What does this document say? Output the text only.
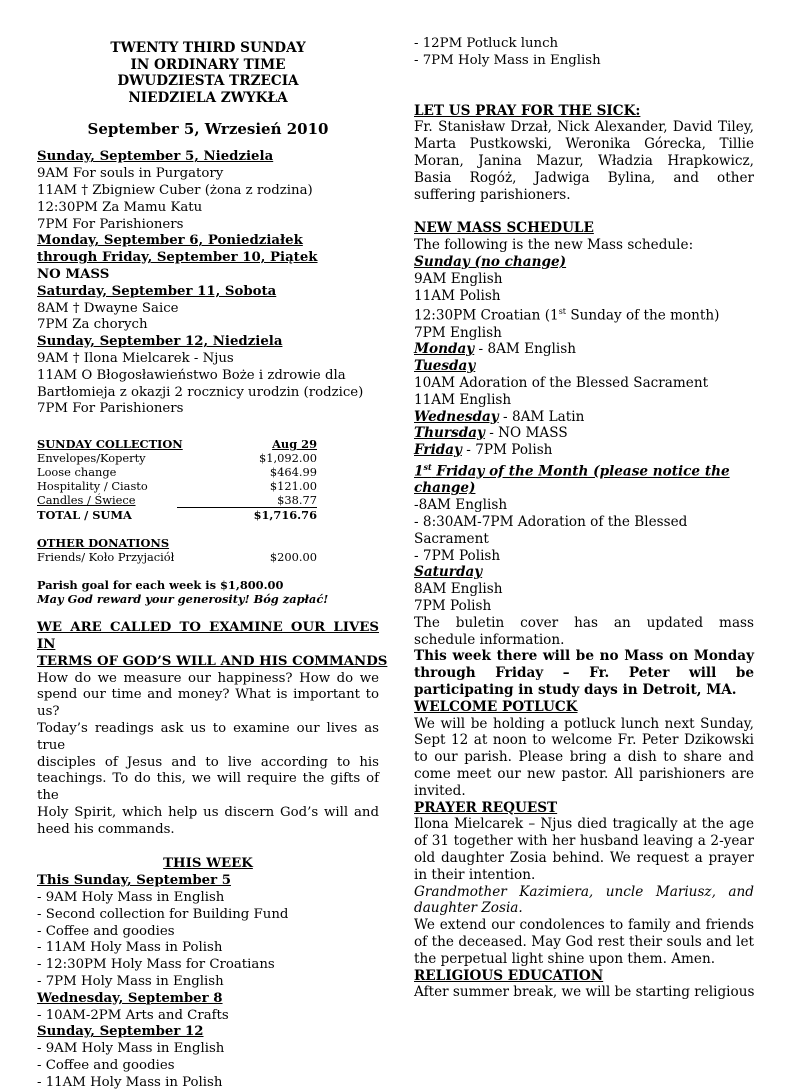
TWENTY THIRD SUNDAY
IN ORDINARY TIME
DWUDZIESTA TRZECIA
NIEDZIELA ZWYKŁA
September 5, Wrzesień 2010
Sunday, September 5, Niedziela
9AM For souls in Purgatory
11AM † Zbigniew Cuber (żona z rodzina)
12:30PM Za Mamu Katu
7PM For Parishioners
Monday, September 6, Poniedziałek
through Friday, September 10, Piątek
NO MASS
Saturday, September 11, Sobota
8AM † Dwayne Saice
7PM Za chorych
Sunday, September 12, Niedziela
9AM † Ilona Mielcarek - Njus
11AM O Błogosławieństwo Boże i zdrowie dla
Bartłomieja z okazji 2 rocznicy urodzin (rodzice)
7PM For Parishioners
SUNDAY COLLECTION	Aug 29
Envelopes/Koperty	$1,092.00
Loose change	$464.99
Hospitality / Ciasto	$121.00
Candles / Świece	$38.77
TOTAL / SUMA	$1,716.76
OTHER DONATIONS
Friends/ Koło Przyjaciół	$200.00
Parish goal for each week is $1,800.00
May God reward your generosity! Bóg zapłać!
WE ARE CALLED TO EXAMINE OUR LIVES IN
TERMS OF GOD’S WILL AND HIS COMMANDS
How do we measure our happiness? How do we
spend our time and money? What is important to us?
Today’s readings ask us to examine our lives as true
disciples of Jesus and to live according to his
teachings. To do this, we will require the gifts of the
Holy Spirit, which help us discern God’s will and
heed his commands.
THIS WEEK
This Sunday, September 5
- 9AM Holy Mass in English
- Second collection for Building Fund
- Coffee and goodies
- 11AM Holy Mass in Polish
- 12:30PM Holy Mass for Croatians
- 7PM Holy Mass in English
Wednesday, September 8
- 10AM-2PM Arts and Crafts
Sunday, September 12
- 9AM Holy Mass in English
- Coffee and goodies
- 11AM Holy Mass in Polish
- 12PM Potluck lunch
- 7PM Holy Mass in English
LET US PRAY FOR THE SICK:
Fr. Stanisław Drzał, Nick Alexander, David Tiley,
Marta Pustkowski, Weronika Górecka, Tillie
Moran, Janina Mazur, Władzia Hrapkowicz,
Basia Rogóż, Jadwiga Bylina, and other
suffering parishioners.
NEW MASS SCHEDULE
The following is the new Mass schedule:
Sunday (no change)
9AM English
11AM Polish
12:30PM Croatian (1st Sunday of the month)
7PM English
Monday - 8AM English
Tuesday
10AM Adoration of the Blessed Sacrament
11AM English
Wednesday - 8AM Latin
Thursday - NO MASS
Friday - 7PM Polish
1st Friday of the Month (please notice the
change)
-8AM English
- 8:30AM-7PM Adoration of the Blessed
Sacrament
- 7PM Polish
Saturday
8AM English
7PM Polish
The buletin cover has an updated mass
schedule information.
This week there will be no Mass on Monday
through Friday – Fr. Peter will be
participating in study days in Detroit, MA.
WELCOME POTLUCK
We will be holding a potluck lunch next Sunday,
Sept 12 at noon to welcome Fr. Peter Dzikowski
to our parish. Please bring a dish to share and
come meet our new pastor. All parishioners are
invited.
PRAYER REQUEST
Ilona Mielcarek – Njus died tragically at the age
of 31 together with her husband leaving a 2-year
old daughter Zosia behind. We request a prayer
in their intention.
Grandmother Kazimiera, uncle Mariusz, and
daughter Zosia.
We extend our condolences to family and friends
of the deceased. May God rest their souls and let
the perpetual light shine upon them. Amen.
RELIGIOUS EDUCATION
After summer break, we will be starting religious
